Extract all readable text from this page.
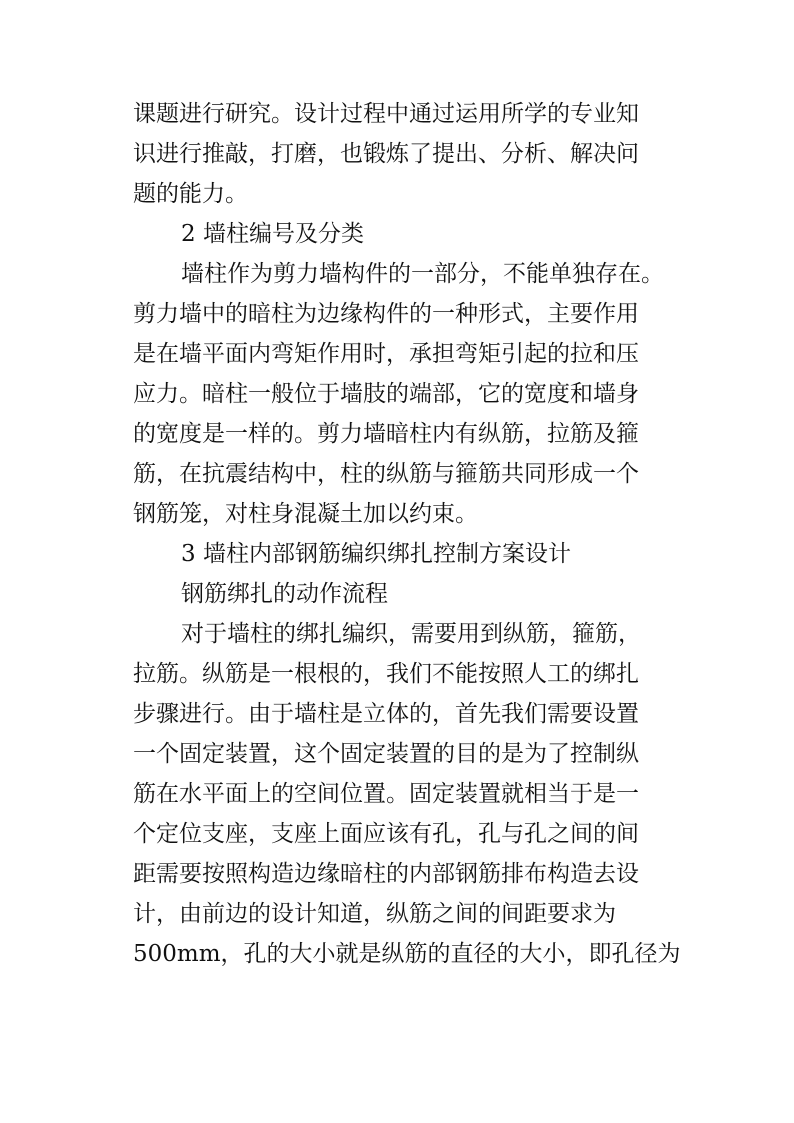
课题进行研究。设计过程中通过运用所学的专业知
识进行推敲，打磨，也锻炼了提出、分析、解决问
题的能力。
2 墙柱编号及分类
墙柱作为剪力墙构件的一部分，不能单独存在。
剪力墙中的暗柱为边缘构件的一种形式，主要作用
是在墙平面内弯矩作用时，承担弯矩引起的拉和压
应力。暗柱一般位于墙肢的端部，它的宽度和墙身
的宽度是一样的。剪力墙暗柱内有纵筋，拉筋及箍
筋，在抗震结构中，柱的纵筋与箍筋共同形成一个
钢筋笼，对柱身混凝土加以约束。
3 墙柱内部钢筋编织绑扎控制方案设计
钢筋绑扎的动作流程
对于墙柱的绑扎编织，需要用到纵筋，箍筋，
拉筋。纵筋是一根根的，我们不能按照人工的绑扎
步骤进行。由于墙柱是立体的，首先我们需要设置
一个固定装置，这个固定装置的目的是为了控制纵
筋在水平面上的空间位置。固定装置就相当于是一
个定位支座，支座上面应该有孔，孔与孔之间的间
距需要按照构造边缘暗柱的内部钢筋排布构造去设
计，由前边的设计知道，纵筋之间的间距要求为
500mm，孔的大小就是纵筋的直径的大小，即孔径为
